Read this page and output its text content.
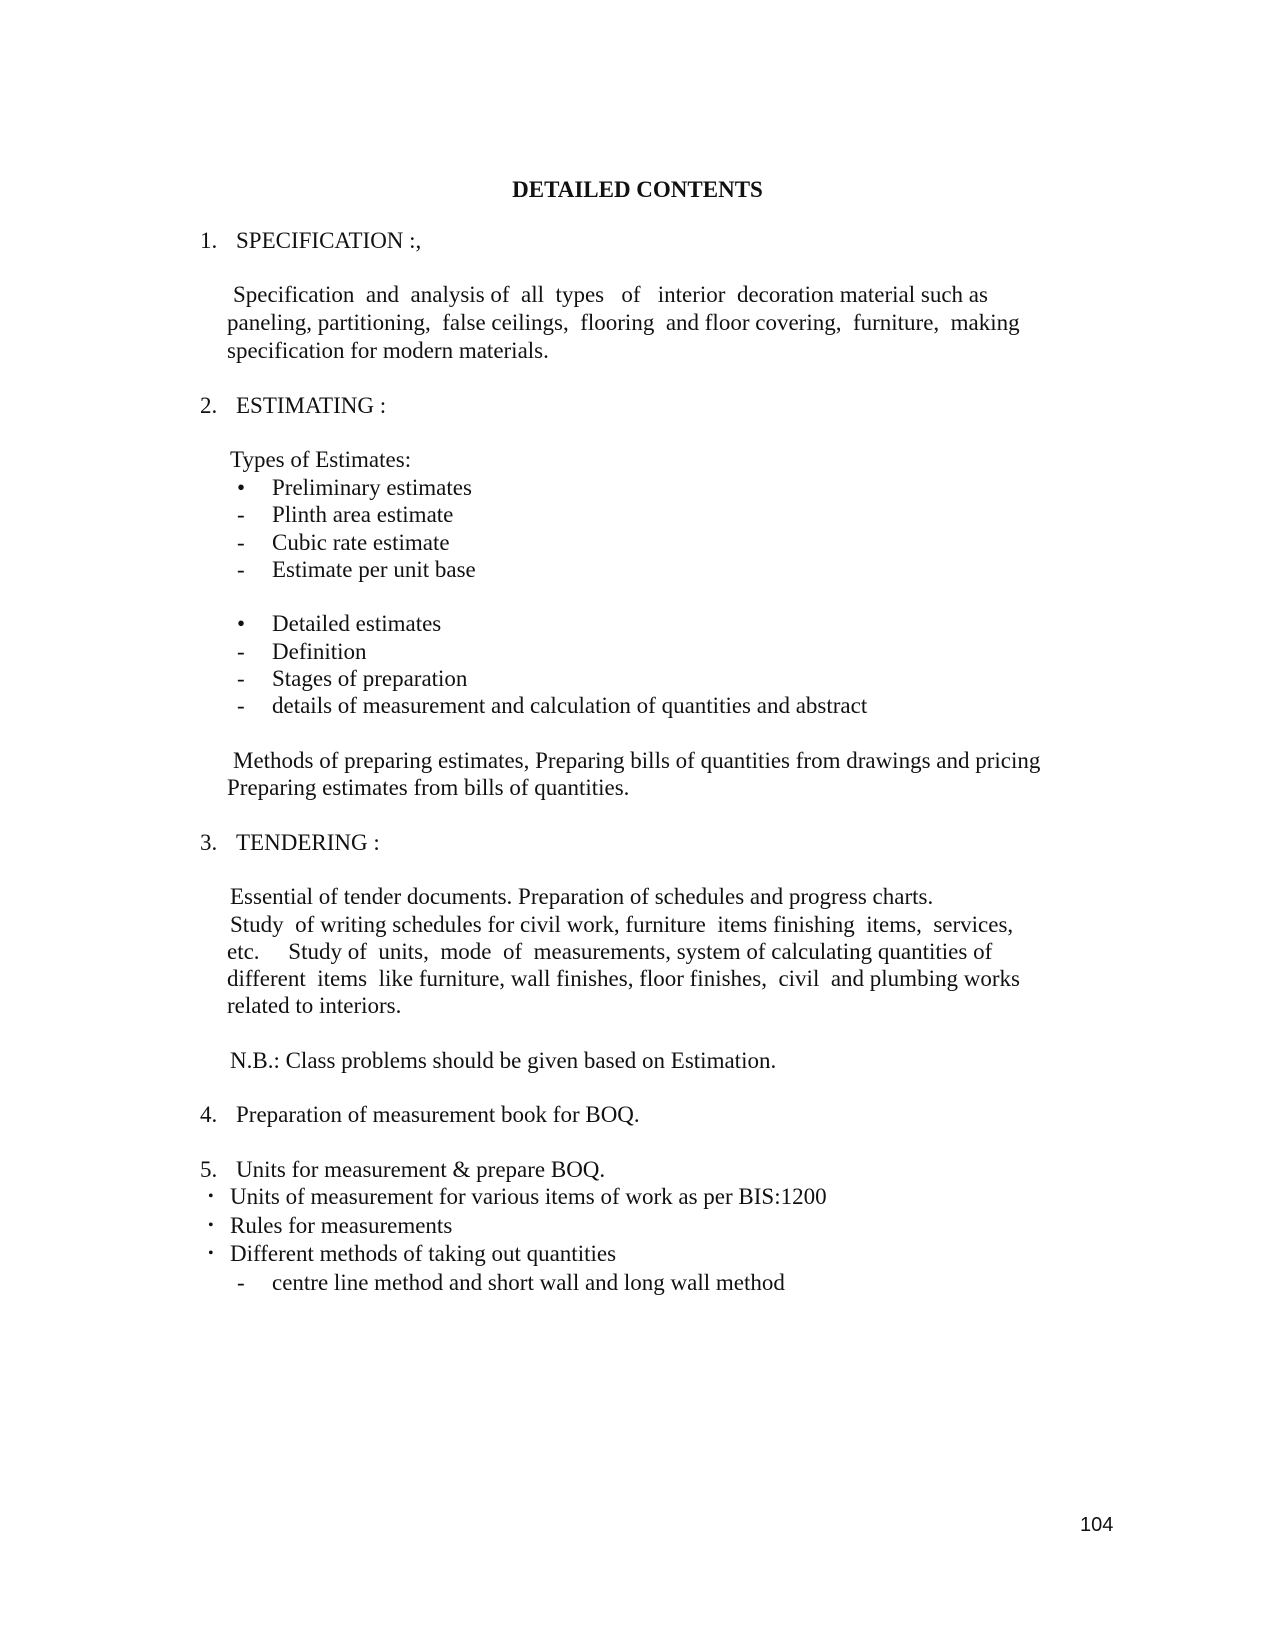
DETAILED CONTENTS
1. SPECIFICATION :,
Specification  and  analysis of  all  types   of   interior  decoration material such as
paneling, partitioning,  false ceilings,  flooring  and floor covering,  furniture,  making
specification for modern materials.
2. ESTIMATING :
Types of Estimates:
• Preliminary estimates
- Plinth area estimate
- Cubic rate estimate
- Estimate per unit base
• Detailed estimates
- Definition
- Stages of preparation
- details of measurement and calculation of quantities and abstract
Methods of preparing estimates, Preparing bills of quantities from drawings and pricing
Preparing estimates from bills of quantities.
3. TENDERING :
Essential of tender documents. Preparation of schedules and progress charts.
Study  of writing schedules for civil work, furniture  items finishing  items,  services,
etc.     Study of  units,  mode  of  measurements, system of calculating quantities of
different  items  like furniture, wall finishes, floor finishes,  civil  and plumbing works
related to interiors.
N.B.: Class problems should be given based on Estimation.
4. Preparation of measurement book for BOQ.
5. Units for measurement & prepare BOQ.
• Units of measurement for various items of work as per BIS:1200
• Rules for measurements
• Different methods of taking out quantities
- centre line method and short wall and long wall method
104
